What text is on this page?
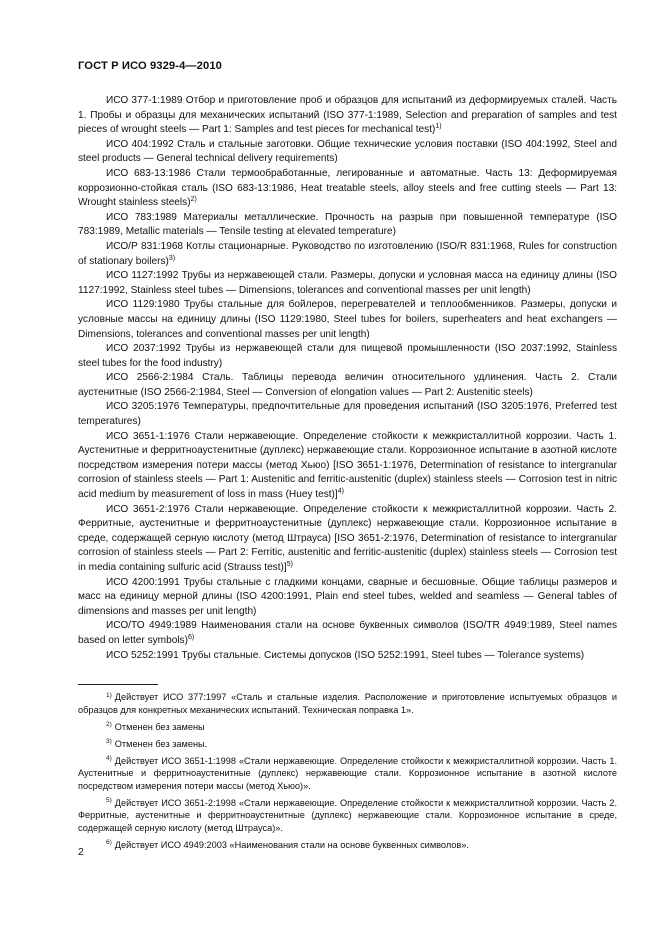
ГОСТ Р ИСО 9329-4—2010

ИСО 377-1:1989 Отбор и приготовление проб и образцов для испытаний из деформируемых сталей. Часть 1. Пробы и образцы для механических испытаний (ISO 377-1:1989, Selection and preparation of samples and test pieces of wrought steels — Part 1: Samples and test pieces for mechanical test)$^{1)}$

ИСО 404:1992 Сталь и стальные заготовки. Общие технические условия поставки (ISO 404:1992, Steel and steel products — General technical delivery requirements)

ИСО 683-13:1986 Стали термообработанные, легированные и автоматные. Часть 13: Деформируемая коррозионно-стойкая сталь (ISO 683-13:1986, Heat treatable steels, alloy steels and free cutting steels — Part 13: Wrought stainless steels)$^{2)}$

ИСО 783:1989 Материалы металлические. Прочность на разрыв при повышенной температуре (ISO 783:1989, Metallic materials — Tensile testing at elevated temperature)

ИСО/Р 831:1968 Котлы стационарные. Руководство по изготовлению (ISO/R 831:1968, Rules for construction of stationary boilers)$^{3)}$

ИСО 1127:1992 Трубы из нержавеющей стали. Размеры, допуски и условная масса на единицу длины (ISO 1127:1992, Stainless steel tubes — Dimensions, tolerances and conventional masses per unit length)

ИСО 1129:1980 Трубы стальные для бойлеров, перегревателей и теплообменников. Размеры, допуски и условные массы на единицу длины (ISO 1129:1980, Steel tubes for boilers, superheaters and heat exchangers — Dimensions, tolerances and conventional masses per unit length)

ИСО 2037:1992 Трубы из нержавеющей стали для пищевой промышленности (ISO 2037:1992, Stainless steel tubes for the food industry)

ИСО 2566-2:1984 Сталь. Таблицы перевода величин относительного удлинения. Часть 2. Стали аустенитные (ISO 2566-2:1984, Steel — Conversion of elongation values — Part 2: Austenitic steels)

ИСО 3205:1976 Температуры, предпочтительные для проведения испытаний (ISO 3205:1976, Preferred test temperatures)

ИСО 3651-1:1976 Стали нержавеющие. Определение стойкости к межкристаллитной коррозии. Часть 1. Аустенитные и ферритноаустенитные (дуплекс) нержавеющие стали. Коррозионное испытание в азотной кислоте посредством измерения потери массы (метод Хьюо) [ISO 3651-1:1976, Determination of resistance to intergranular corrosion of stainless steels — Part 1: Austenitic and ferritic-austenitic (duplex) stainless steels — Corrosion test in nitric acid medium by measurement of loss in mass (Huey test)]$^{4)}$

ИСО 3651-2:1976 Стали нержавеющие. Определение стойкости к межкристаллитной коррозии. Часть 2. Ферритные, аустенитные и ферритноаустенитные (дуплекс) нержавеющие стали. Коррозионное испытание в среде, содержащей серную кислоту (метод Штрауса) [ISO 3651-2:1976, Determination of resistance to intergranular corrosion of stainless steels — Part 2: Ferritic, austenitic and ferritic-austenitic (duplex) stainless steels — Corrosion test in media containing sulfuric acid (Strauss test)]$^{5)}$

ИСО 4200:1991 Трубы стальные с гладкими концами, сварные и бесшовные. Общие таблицы размеров и масс на единицу мерной длины (ISO 4200:1991, Plain end steel tubes, welded and seamless — General tables of dimensions and masses per unit length)

ИСО/ТО 4949:1989 Наименования стали на основе буквенных символов (ISO/TR 4949:1989, Steel names based on letter symbols)$^{6)}$

ИСО 5252:1991 Трубы стальные. Системы допусков (ISO 5252:1991, Steel tubes — Tolerance systems)

$^{1)}$ Действует ИСО 377:1997 «Сталь и стальные изделия. Расположение и приготовление испытуемых образцов и образцов для конкретных механических испытаний. Техническая поправка 1».

$^{2)}$ Отменен без замены

$^{3)}$ Отменен без замены.

$^{4)}$ Действует ИСО 3651-1:1998 «Стали нержавеющие. Определение стойкости к межкристаллитной коррозии. Часть 1. Аустенитные и ферритноаустенитные (дуплекс) нержавеющие стали. Коррозионное испытание в азотной кислоте посредством измерения потери массы (метод Хьюо)».

$^{5)}$ Действует ИСО 3651-2:1998 «Стали нержавеющие. Определение стойкости к межкристаллитной коррозии. Часть 2. Ферритные, аустенитные и ферритноаустенитные (дуплекс) нержавеющие стали. Коррозионное испытание в среде, содержащей серную кислоту (метод Штрауса)».

$^{6)}$ Действует ИСО 4949:2003 «Наименования стали на основе буквенных символов».

2
